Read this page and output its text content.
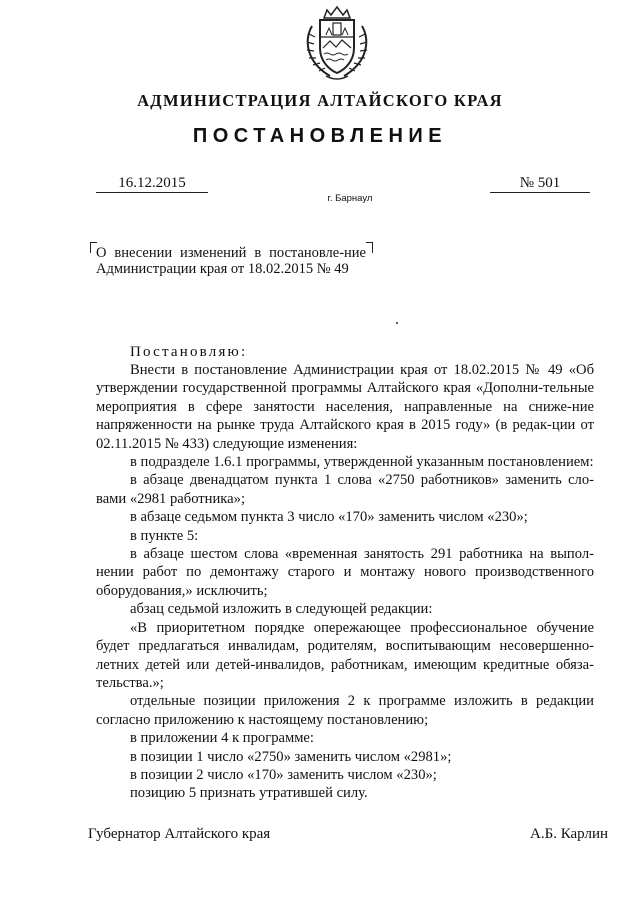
АДМИНИСТРАЦИЯ АЛТАЙСКОГО КРАЯ
ПОСТАНОВЛЕНИЕ
16.12.2015	№ 501
г. Барнаул
О внесении изменений в постановле-ние Администрации края от 18.02.2015 № 49
Постановляю:

Внести в постановление Администрации края от 18.02.2015 № 49 «Об утверждении государственной программы Алтайского края «Дополни-тельные мероприятия в сфере занятости населения, направленные на сниже-ние напряженности на рынке труда Алтайского края в 2015 году» (в редак-ции от 02.11.2015 № 433) следующие изменения:

в подразделе 1.6.1 программы, утвержденной указанным постановлением:

в абзаце двенадцатом пункта 1 слова «2750 работников» заменить сло-вами «2981 работника»;

в абзаце седьмом пункта 3 число «170» заменить числом «230»;

в пункте 5:

в абзаце шестом слова «временная занятость 291 работника на выпол-нении работ по демонтажу старого и монтажу нового производственного оборудования,» исключить;

абзац седьмой изложить в следующей редакции:

«В приоритетном порядке опережающее профессиональное обучение будет предлагаться инвалидам, родителям, воспитывающим несовершенно-летних детей или детей-инвалидов, работникам, имеющим кредитные обяза-тельства.»;

отдельные позиции приложения 2 к программе изложить в редакции согласно приложению к настоящему постановлению;

в приложении 4 к программе:

в позиции 1 число «2750» заменить числом «2981»;

в позиции 2 число «170» заменить числом «230»;

позицию 5 признать утратившей силу.

Губернатор Алтайского края	А.Б. Карлин
